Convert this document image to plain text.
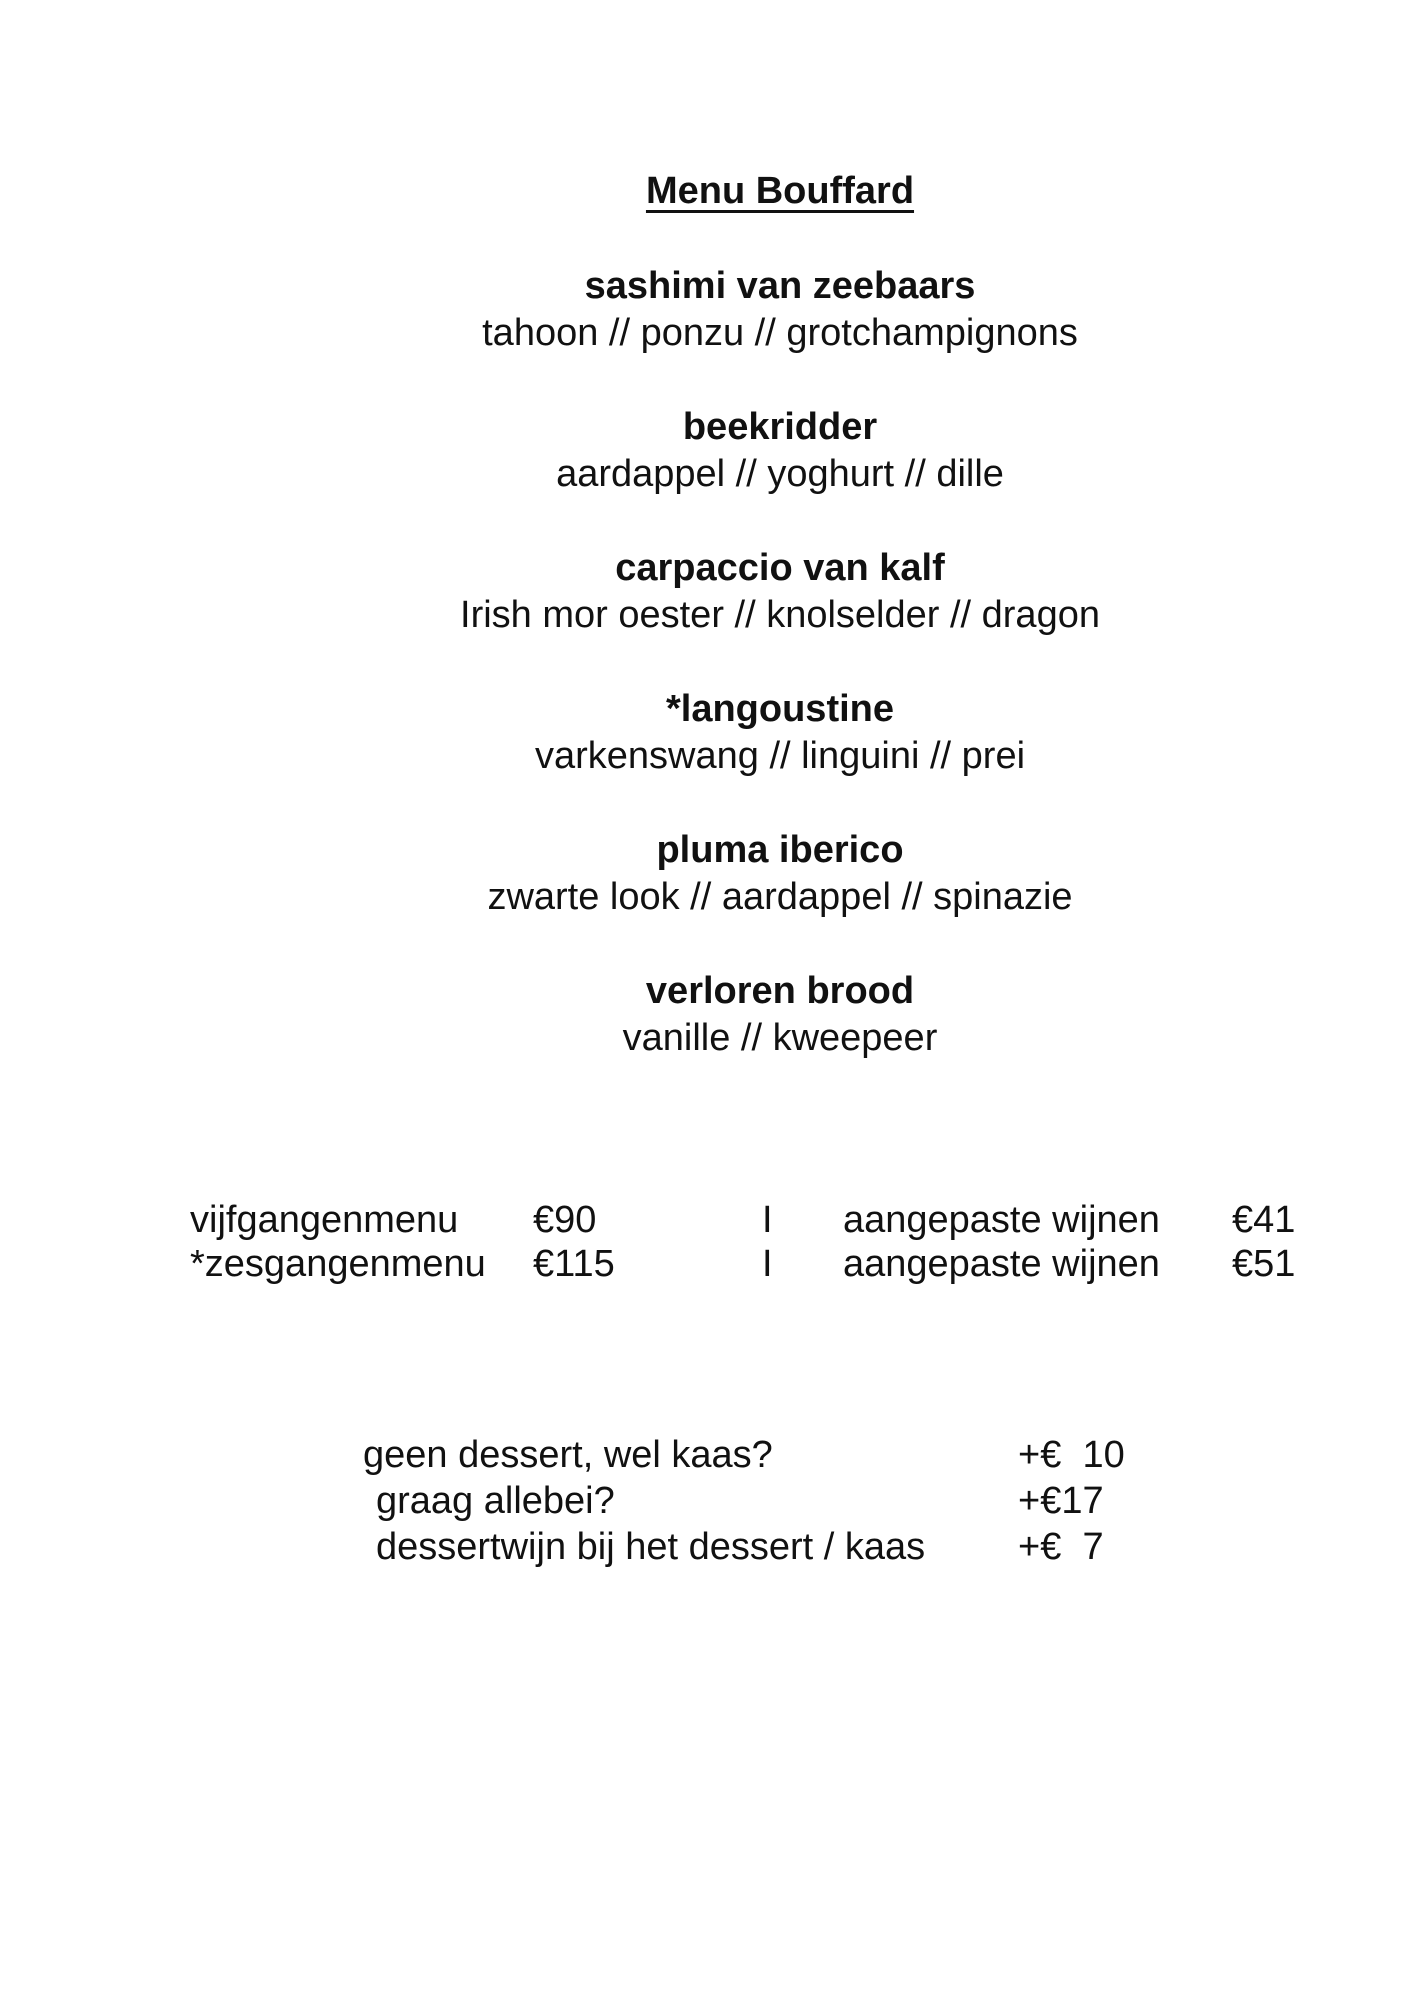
Menu Bouffard
sashimi van zeebaars
tahoon // ponzu // grotchampignons
beekridder
aardappel // yoghurt // dille
carpaccio van kalf
Irish mor oester // knolselder // dragon
*langoustine
varkenswang // linguini // prei
pluma iberico
zwarte look // aardappel // spinazie
verloren brood
vanille // kweepeer
vijfgangenmenu	€90	I	aangepaste wijnen	€41
*zesgangenmenu	€115	I	aangepaste wijnen	€51
geen dessert, wel kaas?	+€  10
graag allebei?	+€17
dessertwijn bij het dessert / kaas	+€  7
